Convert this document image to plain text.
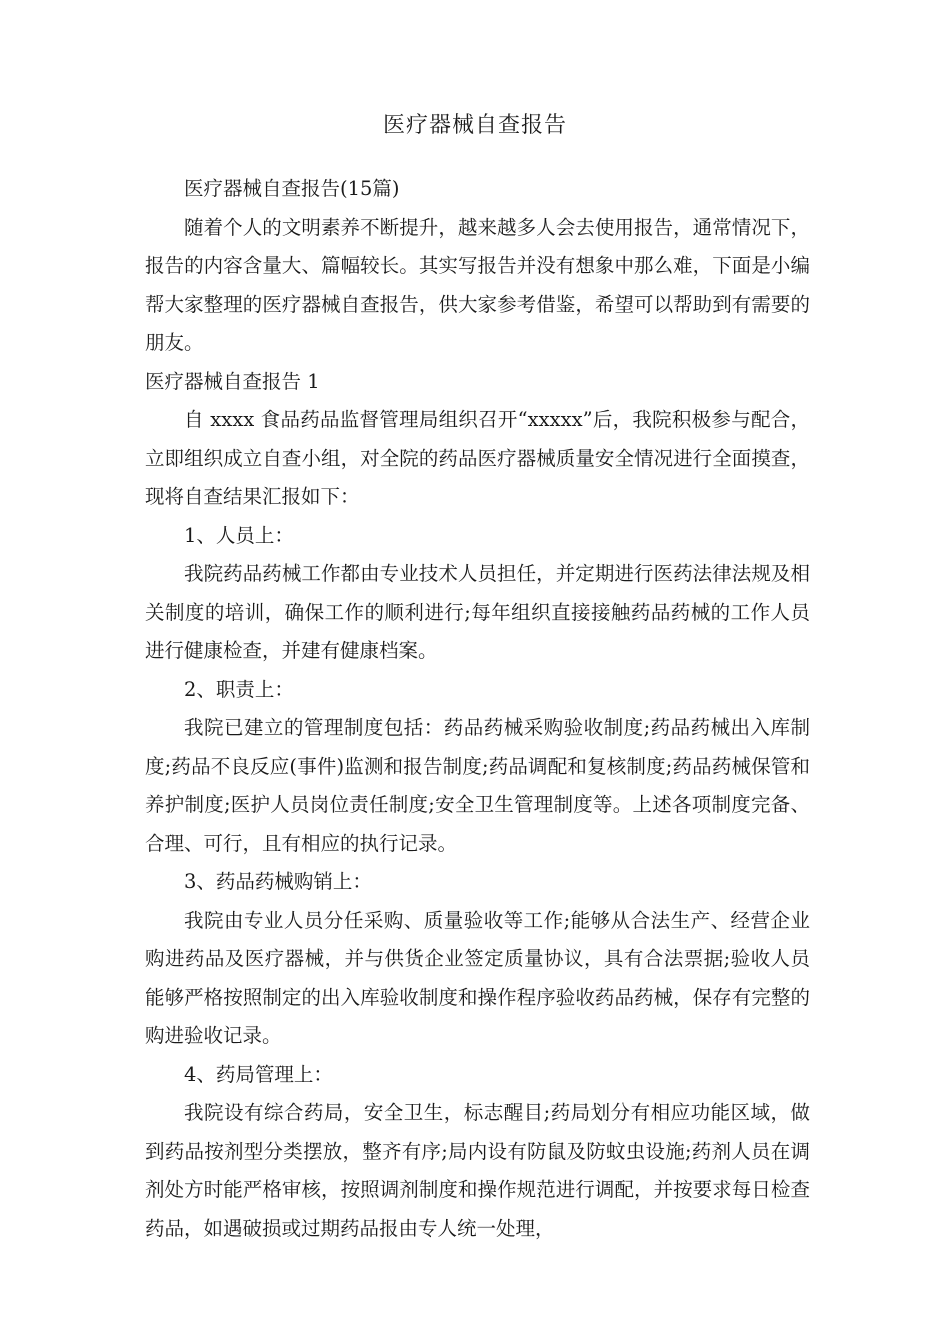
医疗器械自查报告

医疗器械自查报告(15篇)

随着个人的文明素养不断提升，越来越多人会去使用报告，通常情况下，报告的内容含量大、篇幅较长。其实写报告并没有想象中那么难，下面是小编帮大家整理的医疗器械自查报告，供大家参考借鉴，希望可以帮助到有需要的朋友。

医疗器械自查报告 1

自 xxxx 食品药品监督管理局组织召开“xxxxx”后，我院积极参与配合，立即组织成立自查小组，对全院的药品医疗器械质量安全情况进行全面摸查，现将自查结果汇报如下：

1、人员上：

我院药品药械工作都由专业技术人员担任，并定期进行医药法律法规及相关制度的培训，确保工作的顺利进行;每年组织直接接触药品药械的工作人员进行健康检查，并建有健康档案。

2、职责上：

我院已建立的管理制度包括：药品药械采购验收制度;药品药械出入库制度;药品不良反应(事件)监测和报告制度;药品调配和复核制度;药品药械保管和养护制度;医护人员岗位责任制度;安全卫生管理制度等。上述各项制度完备、合理、可行，且有相应的执行记录。

3、药品药械购销上：

我院由专业人员分任采购、质量验收等工作;能够从合法生产、经营企业购进药品及医疗器械，并与供货企业签定质量协议，具有合法票据;验收人员能够严格按照制定的出入库验收制度和操作程序验收药品药械，保存有完整的购进验收记录。

4、药局管理上：

我院设有综合药局，安全卫生，标志醒目;药局划分有相应功能区域，做到药品按剂型分类摆放，整齐有序;局内设有防鼠及防蚊虫设施;药剂人员在调剂处方时能严格审核，按照调剂制度和操作规范进行调配，并按要求每日检查药品，如遇破损或过期药品报由专人统一处理，
